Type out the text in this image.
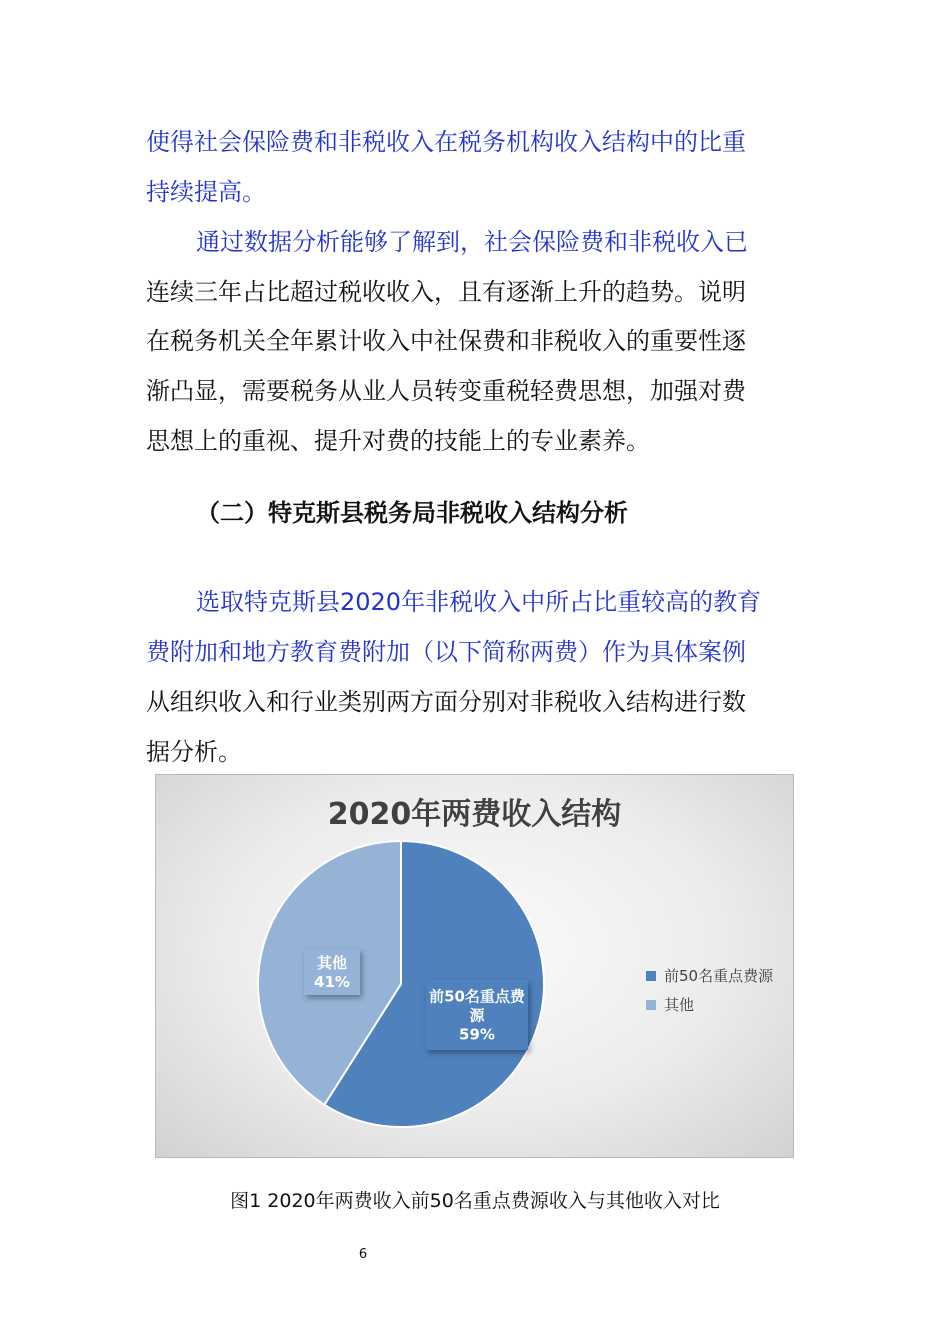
使得社会保险费和非税收入在税务机构收入结构中的比重
持续提高。
通过数据分析能够了解到，社会保险费和非税收入已
连续三年占比超过税收收入，且有逐渐上升的趋势。说明
在税务机关全年累计收入中社保费和非税收入的重要性逐
渐凸显，需要税务从业人员转变重税轻费思想，加强对费
思想上的重视、提升对费的技能上的专业素养。
（二）特克斯县税务局非税收入结构分析
选取特克斯县2020年非税收入中所占比重较高的教育
费附加和地方教育费附加（以下简称两费）作为具体案例
从组织收入和行业类别两方面分别对非税收入结构进行数
据分析。
2020年两费收入结构
前50名重点费
源
59%
其他
41%	前50名重点费源
其他
图1 2020年两费收入前50名重点费源收入与其他收入对比
6
